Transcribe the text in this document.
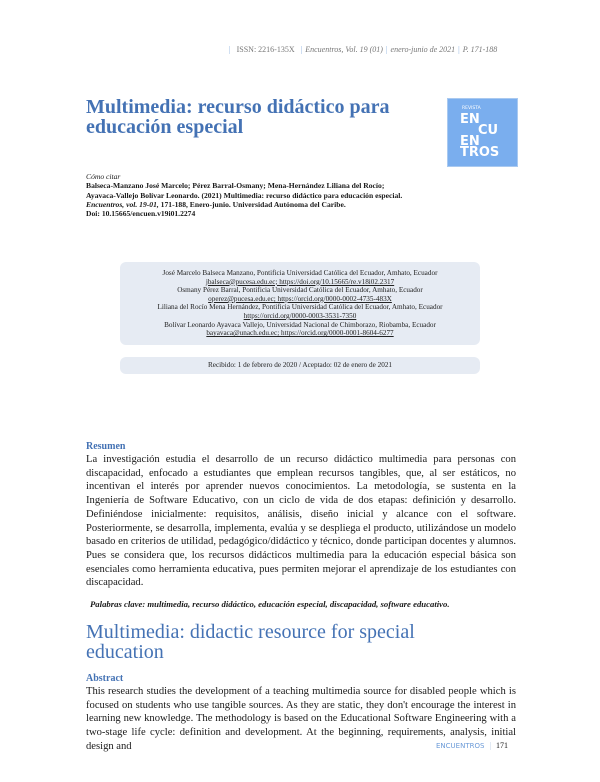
| ISSN: 2216-135X | Encuentros, Vol. 19 (01) | enero-junio de 2021 | P. 171-188
Multimedia: recurso didáctico para educación especial
REVISTA
EN
CU
EN
TROS
Cómo citar
Balseca-Manzano José Marcelo; Pérez Barral-Osmany; Mena-Hernández Liliana del Rocío;
Ayavaca-Vallejo Bolívar Leonardo. (2021) Multimedia: recurso didáctico para educación especial.
Encuentros, vol. 19-01, 171-188, Enero-junio. Universidad Autónoma del Caribe.
Doi: 10.15665/encuen.v19i01.2274
José Marcelo Balseca Manzano, Pontificia Universidad Católica del Ecuador, Amhato, Ecuador
jbalseca@pucesa.edu.ec; https://doi.org/10.15665/re.v18i02.2317
Osmany Pérez Barral, Pontificia Universidad Católica del Ecuador, Amhato, Ecuador
operez@pucesa.edu.ec; https://orcid.org/0000-0002-4735-483X
Liliana del Rocío Mena Hernández, Pontificia Universidad Católica del Ecuador, Amhato, Ecuador
https://orcid.org/0000-0003-3531-7350
Bolívar Leonardo Ayavaca Vallejo, Universidad Nacional de Chimborazo, Riobamba, Ecuador
bayavaca@unach.edu.ec; https://orcid.org/0000-0001-8604-6277
Recibido: 1 de febrero de 2020 / Aceptado: 02 de enero de 2021
Resumen

La investigación estudia el desarrollo de un recurso didáctico multimedia para personas con discapacidad, enfocado a estudiantes que emplean recursos tangibles, que, al ser estáticos, no incentivan el interés por aprender nuevos conocimientos. La metodología, se sustenta en la Ingeniería de Software Educativo, con un ciclo de vida de dos etapas: definición y desarrollo. Definiéndose inicialmente: requisitos, análisis, diseño inicial y alcance con el software. Posteriormente, se desarrolla, implementa, evalúa y se despliega el producto, utilizándose un modelo basado en criterios de utilidad, pedagógico/didáctico y técnico, donde participan docentes y alumnos. Pues se considera que, los recursos didácticos multimedia para la educación especial básica son esenciales como herramienta educativa, pues permiten mejorar el aprendizaje de los estudiantes con discapacidad.

Palabras clave: multimedia, recurso didáctico, educación especial, discapacidad, software educativo.
Multimedia: didactic resource for special education
Abstract

This research studies the development of a teaching multimedia source for disabled people which is focused on students who use tangible sources. As they are static, they don't encourage the interest in learning new knowledge. The methodology is based on the Educational Software Engineering with a two-stage life cycle: definition and development. At the beginning, requirements, analysis, initial design and	ENCUENTROS | 171
